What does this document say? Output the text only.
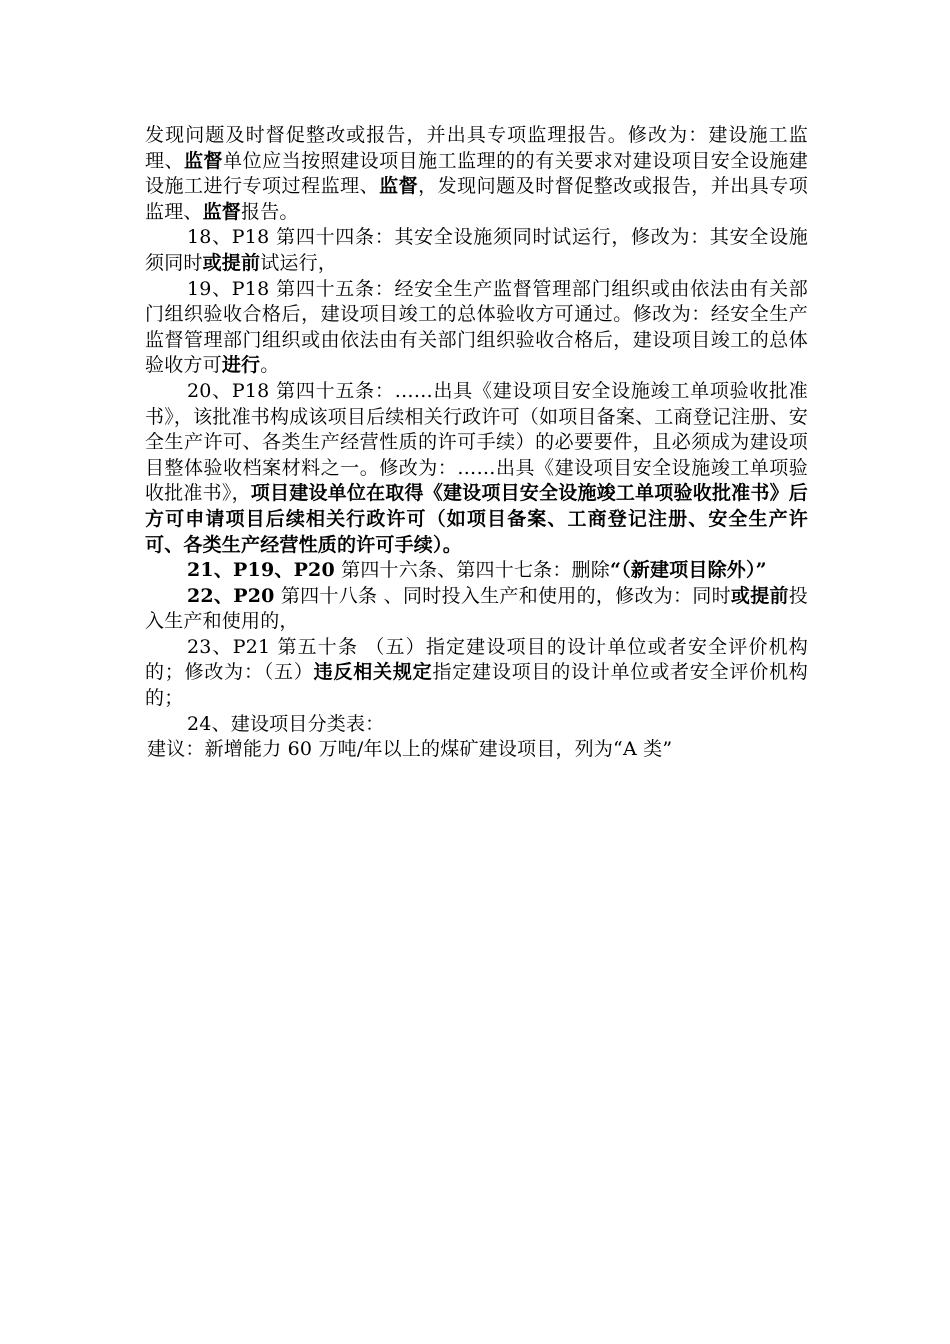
发现问题及时督促整改或报告，并出具专项监理报告。修改为：建设施工监理、监督单位应当按照建设项目施工监理的的有关要求对建设项目安全设施建设施工进行专项过程监理、监督，发现问题及时督促整改或报告，并出具专项监理、监督报告。

18、P18 第四十四条：其安全设施须同时试运行，修改为：其安全设施须同时或提前试运行，

19、P18 第四十五条：经安全生产监督管理部门组织或由依法由有关部门组织验收合格后，建设项目竣工的总体验收方可通过。修改为：经安全生产监督管理部门组织或由依法由有关部门组织验收合格后，建设项目竣工的总体验收方可进行。

20、P18 第四十五条：……出具《建设项目安全设施竣工单项验收批准书》，该批准书构成该项目后续相关行政许可（如项目备案、工商登记注册、安全生产许可、各类生产经营性质的许可手续）的必要要件，且必须成为建设项目整体验收档案材料之一。修改为：……出具《建设项目安全设施竣工单项验收批准书》，项目建设单位在取得《建设项目安全设施竣工单项验收批准书》后方可申请项目后续相关行政许可（如项目备案、工商登记注册、安全生产许可、各类生产经营性质的许可手续）。

21、P19、P20 第四十六条、第四十七条：删除“（新建项目除外）”

22、P20 第四十八条 、同时投入生产和使用的，修改为：同时或提前投入生产和使用的，

23、P21 第五十条 （五）指定建设项目的设计单位或者安全评价机构的；修改为：（五）违反相关规定指定建设项目的设计单位或者安全评价机构的；

24、建设项目分类表：

建议：新增能力 60 万吨/年以上的煤矿建设项目，列为“A 类”
